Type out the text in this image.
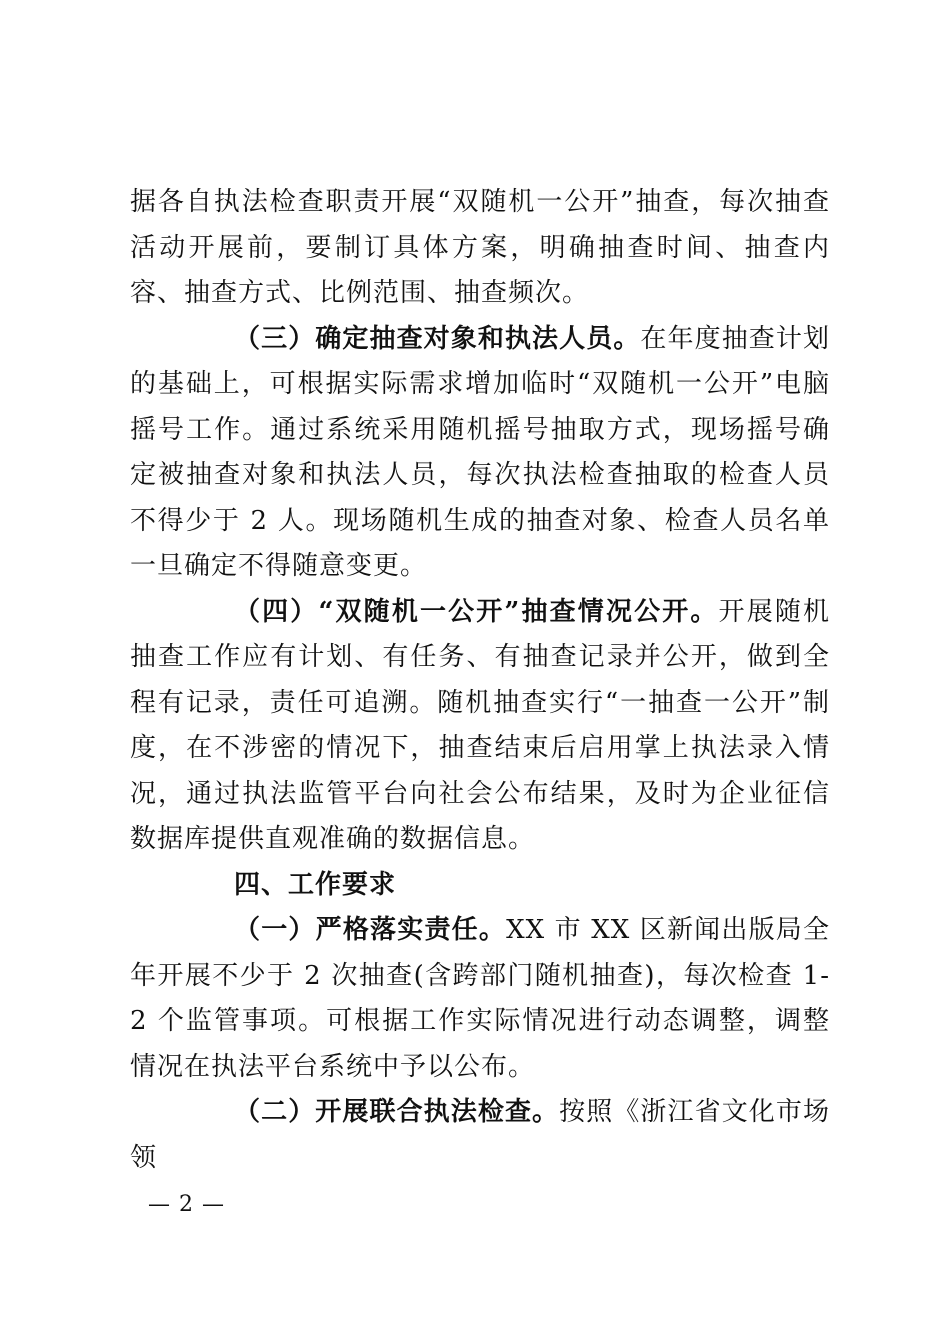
据各自执法检查职责开展“双随机一公开”抽查，每次抽查活动开展前，要制订具体方案，明确抽查时间、抽查内容、抽查方式、比例范围、抽查频次。

（三）确定抽查对象和执法人员。在年度抽查计划的基础上，可根据实际需求增加临时“双随机一公开”电脑摇号工作。通过系统采用随机摇号抽取方式，现场摇号确定被抽查对象和执法人员，每次执法检查抽取的检查人员不得少于 2 人。现场随机生成的抽查对象、检查人员名单一旦确定不得随意变更。

（四）“双随机一公开”抽查情况公开。开展随机抽查工作应有计划、有任务、有抽查记录并公开，做到全程有记录，责任可追溯。随机抽查实行“一抽查一公开”制度，在不涉密的情况下，抽查结束后启用掌上执法录入情况，通过执法监管平台向社会公布结果，及时为企业征信数据库提供直观准确的数据信息。

四、工作要求

（一）严格落实责任。XX 市 XX 区新闻出版局全年开展不少于 2 次抽查(含跨部门随机抽查)，每次检查 1-2 个监管事项。可根据工作实际情况进行动态调整，调整情况在执法平台系统中予以公布。

（二）开展联合执法检查。按照《浙江省文化市场领

— 2 —
